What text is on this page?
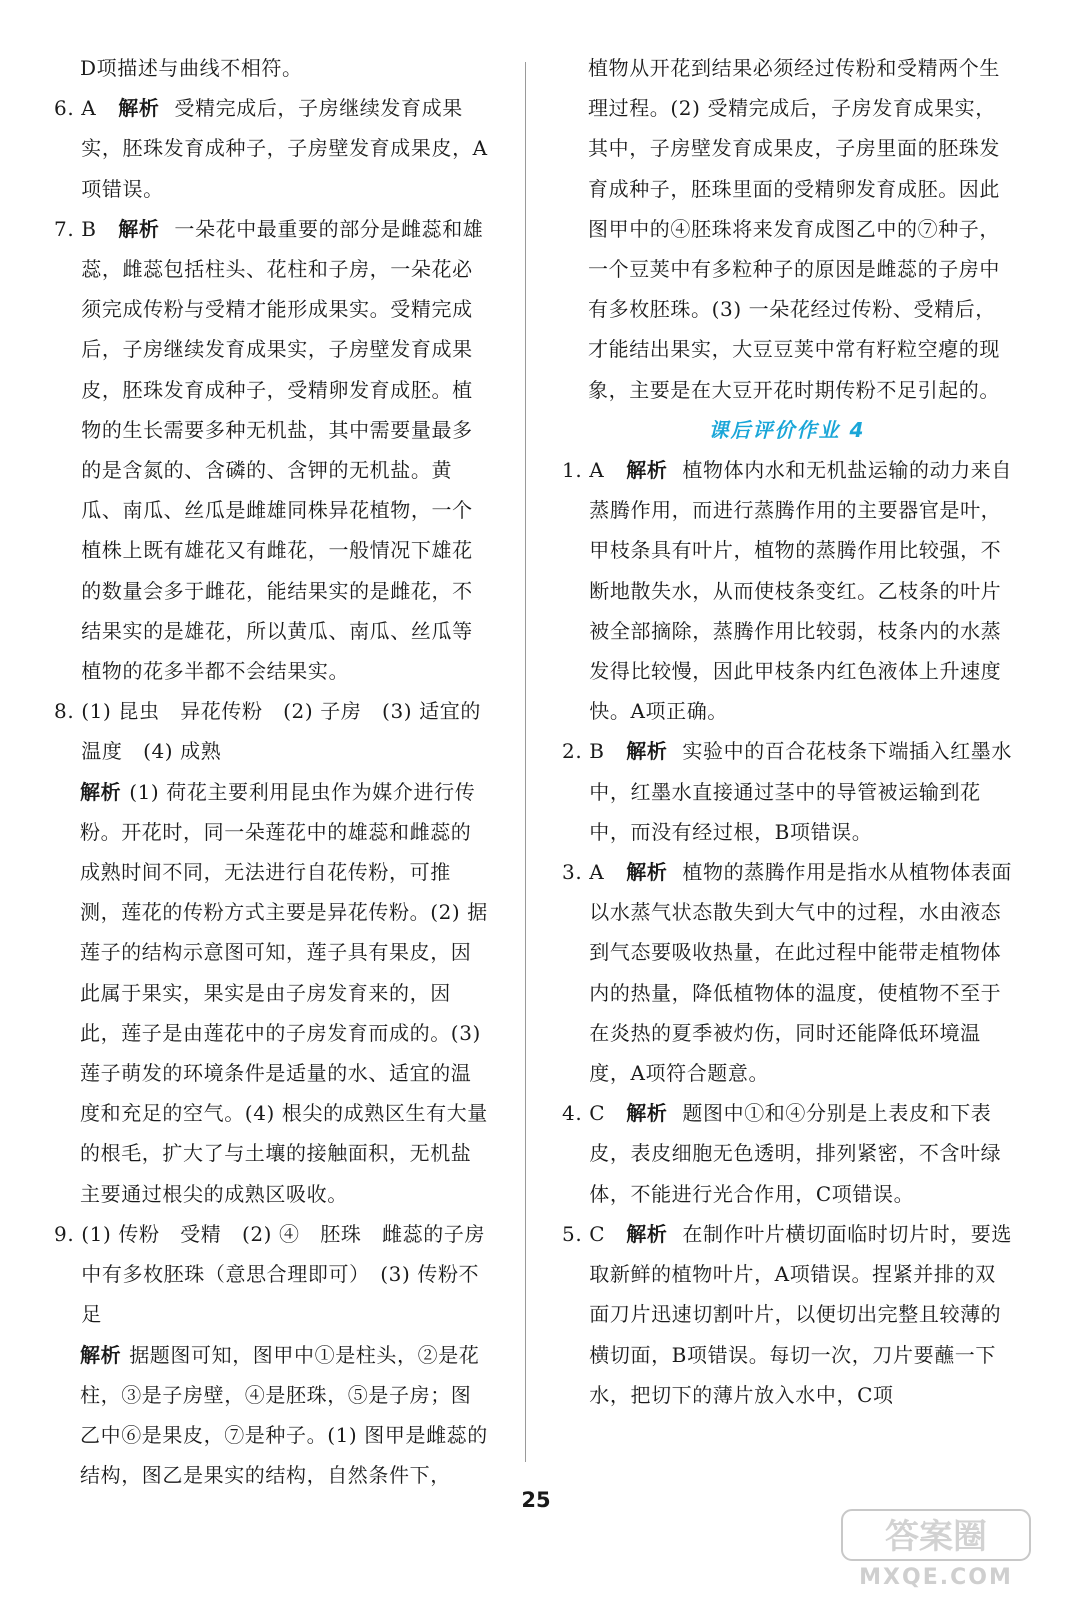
D项描述与曲线不相符。

6. A 解析 受精完成后，子房继续发育成果实，胚珠发育成种子，子房壁发育成果皮，A项错误。
7. B 解析 一朵花中最重要的部分是雌蕊和雄蕊，雌蕊包括柱头、花柱和子房，一朵花必须完成传粉与受精才能形成果实。受精完成后，子房继续发育成果实，子房壁发育成果皮，胚珠发育成种子，受精卵发育成胚。植物的生长需要多种无机盐，其中需要量最多的是含氮的、含磷的、含钾的无机盐。黄瓜、南瓜、丝瓜是雌雄同株异花植物，一个植株上既有雄花又有雌花，一般情况下雄花的数量会多于雌花，能结果实的是雌花，不结果实的是雄花，所以黄瓜、南瓜、丝瓜等植物的花多半都不会结果实。
8. (1) 昆虫　异花传粉　(2) 子房　(3) 适宜的温度　(4) 成熟

解析 (1) 荷花主要利用昆虫作为媒介进行传粉。开花时，同一朵莲花中的雄蕊和雌蕊的成熟时间不同，无法进行自花传粉，可推测，莲花的传粉方式主要是异花传粉。(2) 据莲子的结构示意图可知，莲子具有果皮，因此属于果实，果实是由子房发育来的，因此，莲子是由莲花中的子房发育而成的。(3) 莲子萌发的环境条件是适量的水、适宜的温度和充足的空气。(4) 根尖的成熟区生有大量的根毛，扩大了与土壤的接触面积，无机盐主要通过根尖的成熟区吸收。

9. (1) 传粉　受精　(2) ④　胚珠　雌蕊的子房中有多枚胚珠（意思合理即可）　(3) 传粉不足

解析 据题图可知，图甲中①是柱头，②是花柱，③是子房壁，④是胚珠，⑤是子房；图乙中⑥是果皮，⑦是种子。(1) 图甲是雌蕊的结构，图乙是果实的结构，自然条件下，

植物从开花到结果必须经过传粉和受精两个生理过程。(2) 受精完成后，子房发育成果实，其中，子房壁发育成果皮，子房里面的胚珠发育成种子，胚珠里面的受精卵发育成胚。因此图甲中的④胚珠将来发育成图乙中的⑦种子，一个豆荚中有多粒种子的原因是雌蕊的子房中有多枚胚珠。(3) 一朵花经过传粉、受精后，才能结出果实，大豆豆荚中常有籽粒空瘪的现象，主要是在大豆开花时期传粉不足引起的。

课后评价作业 4

1. A 解析 植物体内水和无机盐运输的动力来自蒸腾作用，而进行蒸腾作用的主要器官是叶，甲枝条具有叶片，植物的蒸腾作用比较强，不断地散失水，从而使枝条变红。乙枝条的叶片被全部摘除，蒸腾作用比较弱，枝条内的水蒸发得比较慢，因此甲枝条内红色液体上升速度快。A项正确。
2. B 解析 实验中的百合花枝条下端插入红墨水中，红墨水直接通过茎中的导管被运输到花中，而没有经过根，B项错误。
3. A 解析 植物的蒸腾作用是指水从植物体表面以水蒸气状态散失到大气中的过程，水由液态到气态要吸收热量，在此过程中能带走植物体内的热量，降低植物体的温度，使植物不至于在炎热的夏季被灼伤，同时还能降低环境温度，A项符合题意。
4. C 解析 题图中①和④分别是上表皮和下表皮，表皮细胞无色透明，排列紧密，不含叶绿体，不能进行光合作用，C项错误。
5. C 解析 在制作叶片横切面临时切片时，要选取新鲜的植物叶片，A项错误。捏紧并排的双面刀片迅速切割叶片，以便切出完整且较薄的横切面，B项错误。每切一次，刀片要蘸一下水，把切下的薄片放入水中，C项
25
答案圈
MXQE.COM
